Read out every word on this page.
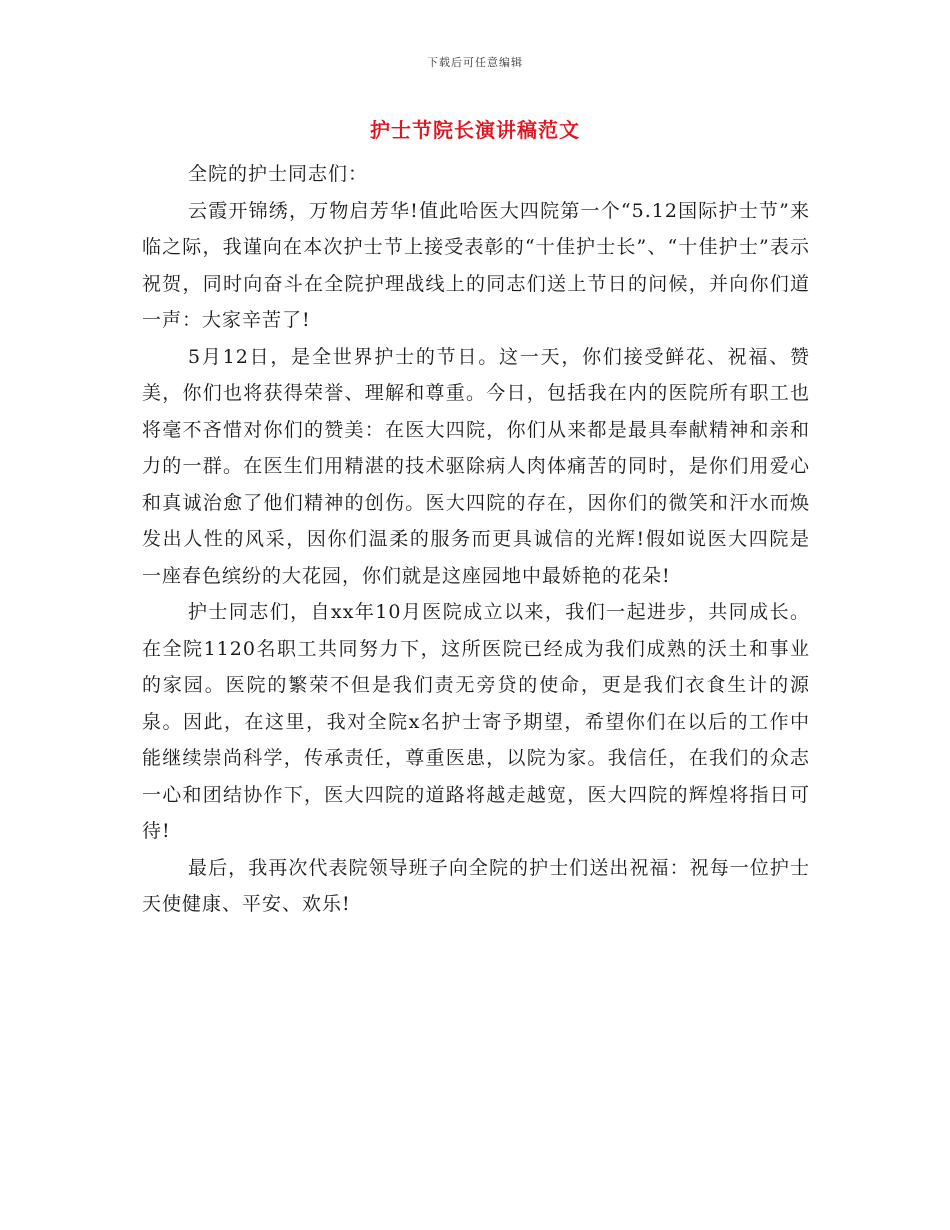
下载后可任意编辑
护士节院长演讲稿范文

全院的护士同志们：

云霞开锦绣，万物启芳华!值此哈医大四院第一个“5.12国际护士节”来临之际，我谨向在本次护士节上接受表彰的“十佳护士长”、“十佳护士”表示祝贺，同时向奋斗在全院护理战线上的同志们送上节日的问候，并向你们道一声：大家辛苦了!

5月12日，是全世界护士的节日。这一天，你们接受鲜花、祝福、赞美，你们也将获得荣誉、理解和尊重。今日，包括我在内的医院所有职工也将毫不吝惜对你们的赞美：在医大四院，你们从来都是最具奉献精神和亲和力的一群。在医生们用精湛的技术驱除病人肉体痛苦的同时，是你们用爱心和真诚治愈了他们精神的创伤。医大四院的存在，因你们的微笑和汗水而焕发出人性的风采，因你们温柔的服务而更具诚信的光辉!假如说医大四院是一座春色缤纷的大花园，你们就是这座园地中最娇艳的花朵!

护士同志们，自xx年10月医院成立以来，我们一起进步，共同成长。在全院1120名职工共同努力下，这所医院已经成为我们成熟的沃土和事业的家园。医院的繁荣不但是我们责无旁贷的使命，更是我们衣食生计的源泉。因此，在这里，我对全院x名护士寄予期望，希望你们在以后的工作中能继续崇尚科学，传承责任，尊重医患，以院为家。我信任，在我们的众志一心和团结协作下，医大四院的道路将越走越宽，医大四院的辉煌将指日可待!

最后，我再次代表院领导班子向全院的护士们送出祝福：祝每一位护士天使健康、平安、欢乐!
